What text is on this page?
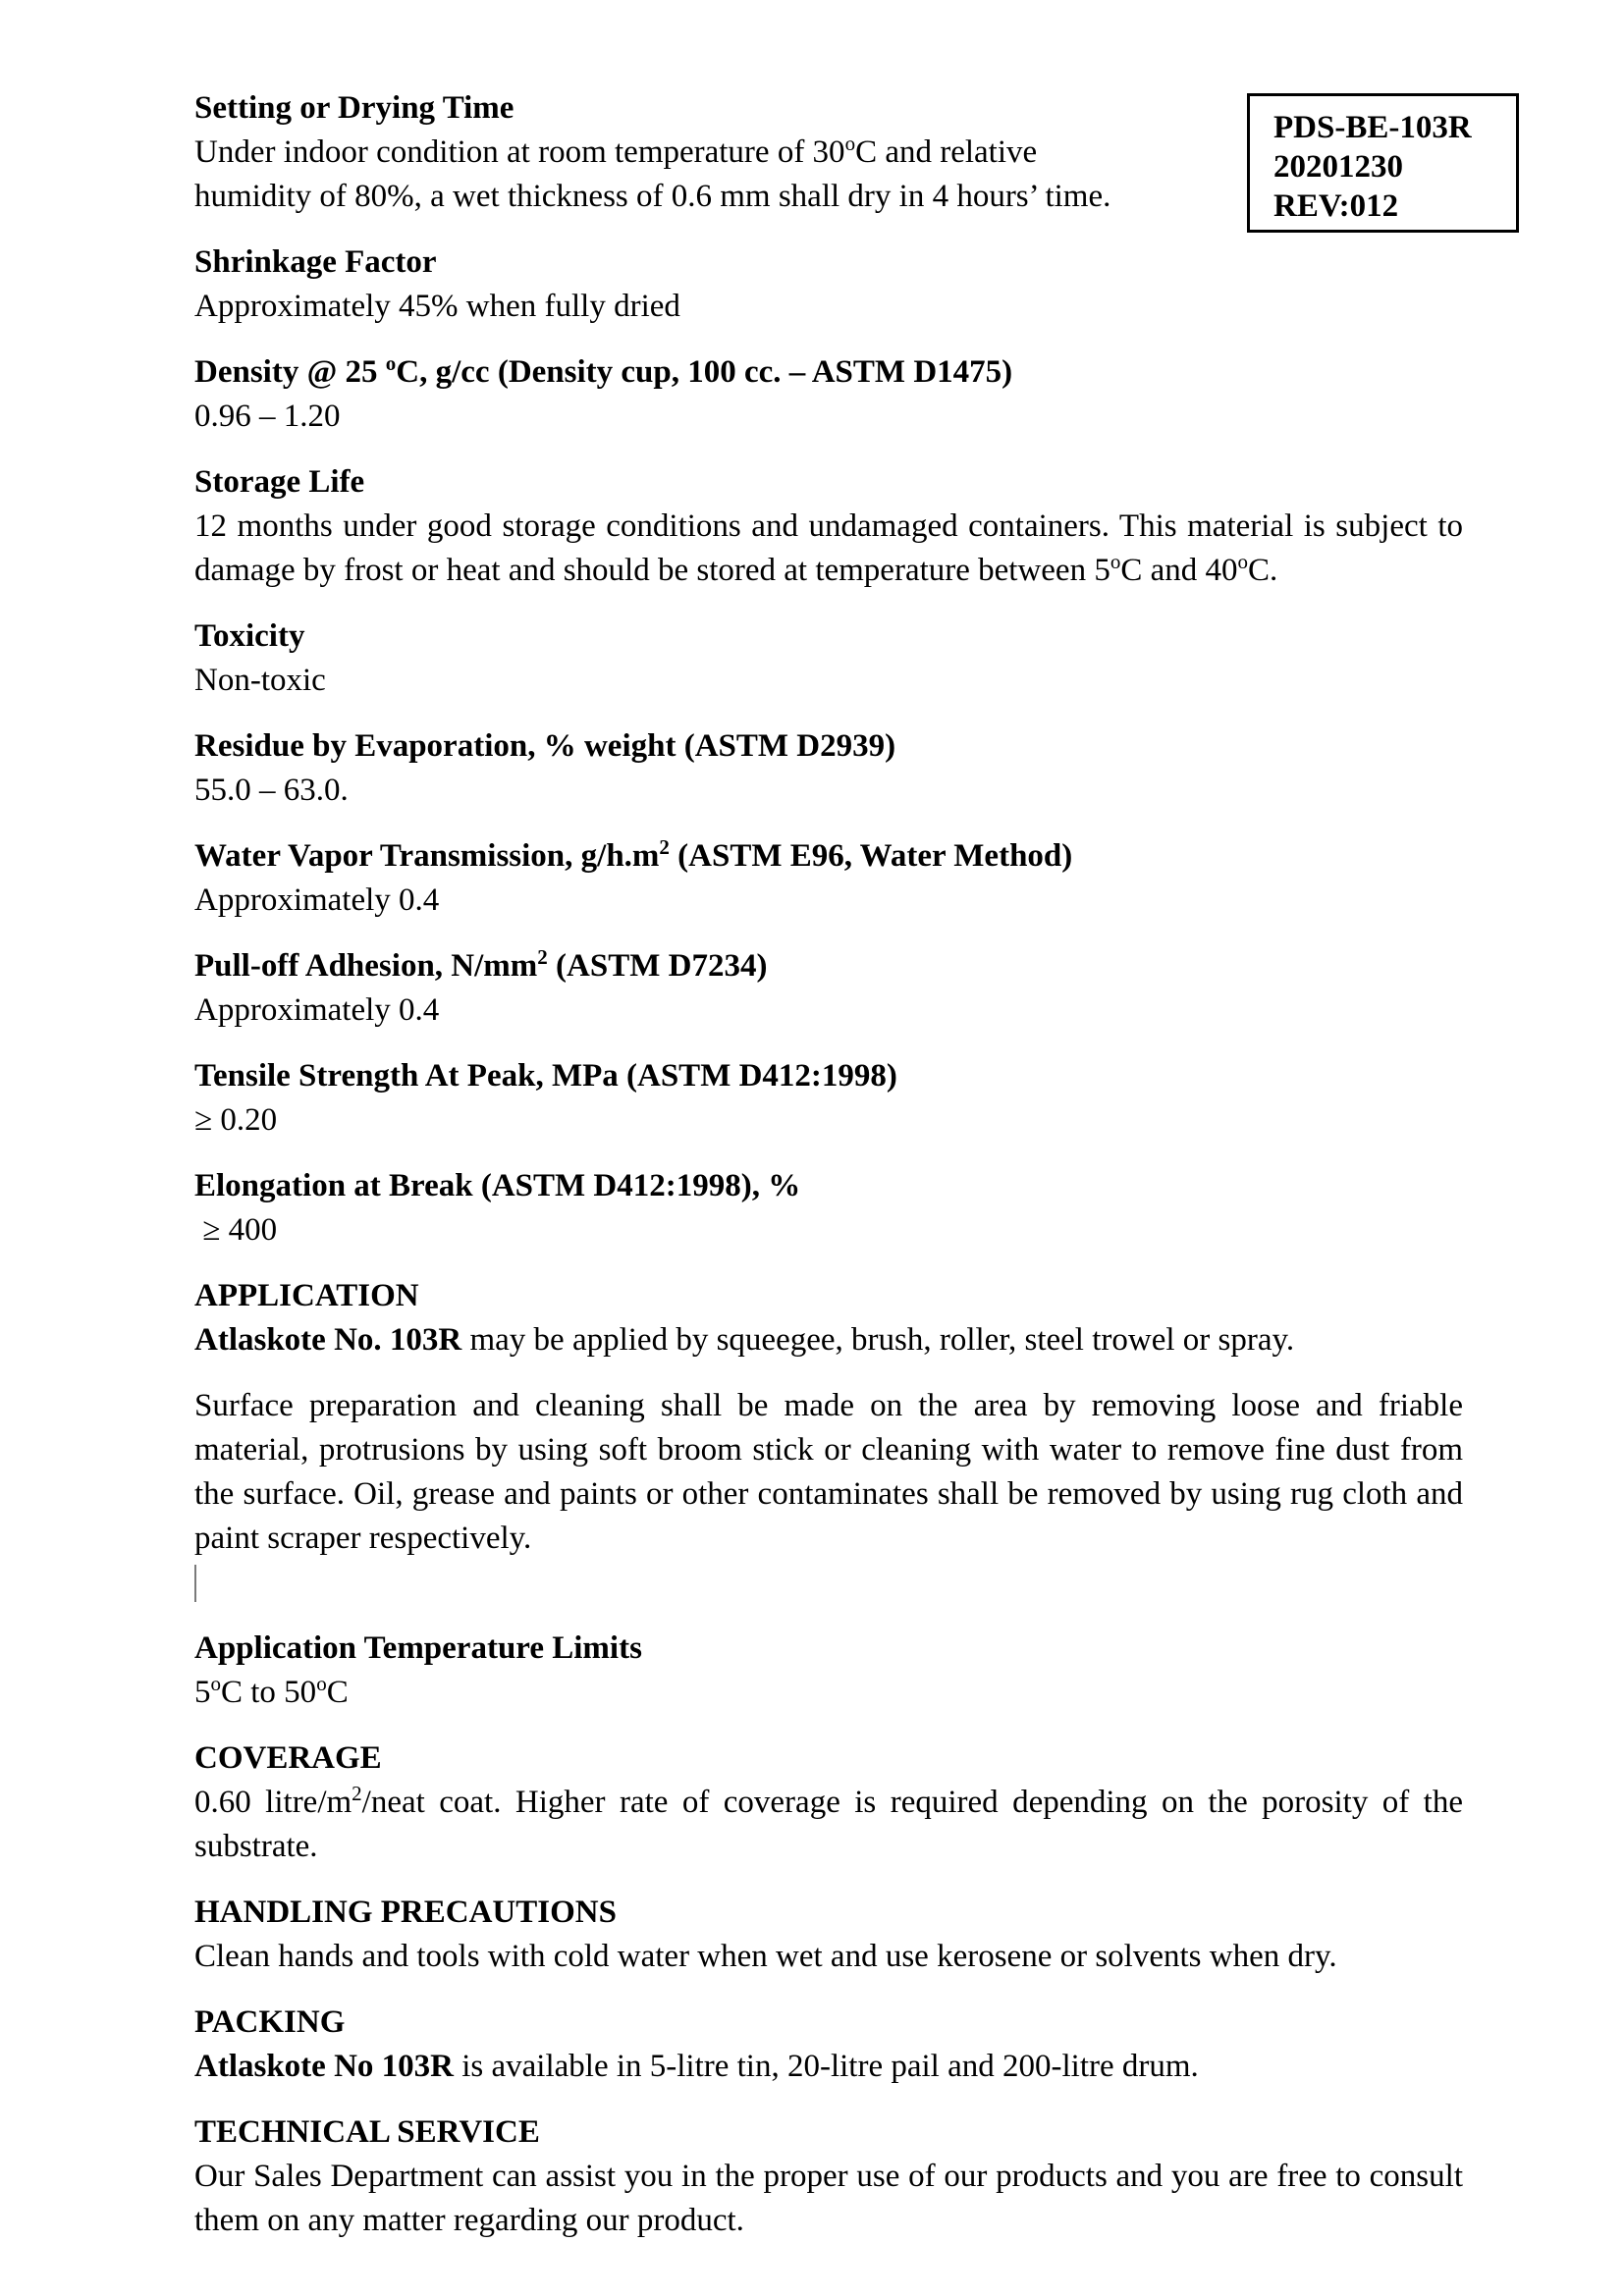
PDS-BE-103R
20201230
REV:012
Setting or Drying Time
Under indoor condition at room temperature of 30$^o$C and relative
humidity of 80%, a wet thickness of 0.6 mm shall dry in 4 hours’ time.
Shrinkage Factor
Approximately 45% when fully dried
Density @ 25 $^o$C, g/cc (Density cup, 100 cc. – ASTM D1475)
0.96 – 1.20
Storage Life
12 months under good storage conditions and undamaged containers. This material is subject to damage by frost or heat and should be stored at temperature between 5$^o$C and 40$^o$C.
Toxicity
Non-toxic
Residue by Evaporation, % weight (ASTM D2939)
55.0 – 63.0.
Water Vapor Transmission, $g/h.m^2$ (ASTM E96, Water Method)
Approximately 0.4
Pull-off Adhesion, $N/mm^2$ (ASTM D7234)
Approximately 0.4
Tensile Strength At Peak, MPa (ASTM D412:1998)
≥ 0.20
Elongation at Break (ASTM D412:1998), %
≥ 400
APPLICATION
Atlaskote No. 103R may be applied by squeegee, brush, roller, steel trowel or spray.
Surface preparation and cleaning shall be made on the area by removing loose and friable material, protrusions by using soft broom stick or cleaning with water to remove fine dust from the surface. Oil, grease and paints or other contaminates shall be removed by using rug cloth and paint scraper respectively.
Application Temperature Limits
5$^o$C to 50$^o$C
COVERAGE
0.60 litre/$m^2$/neat coat. Higher rate of coverage is required depending on the porosity of the substrate.
HANDLING PRECAUTIONS
Clean hands and tools with cold water when wet and use kerosene or solvents when dry.
PACKING
Atlaskote No 103R is available in 5-litre tin, 20-litre pail and 200-litre drum.
TECHNICAL SERVICE
Our Sales Department can assist you in the proper use of our products and you are free to consult them on any matter regarding our product.
